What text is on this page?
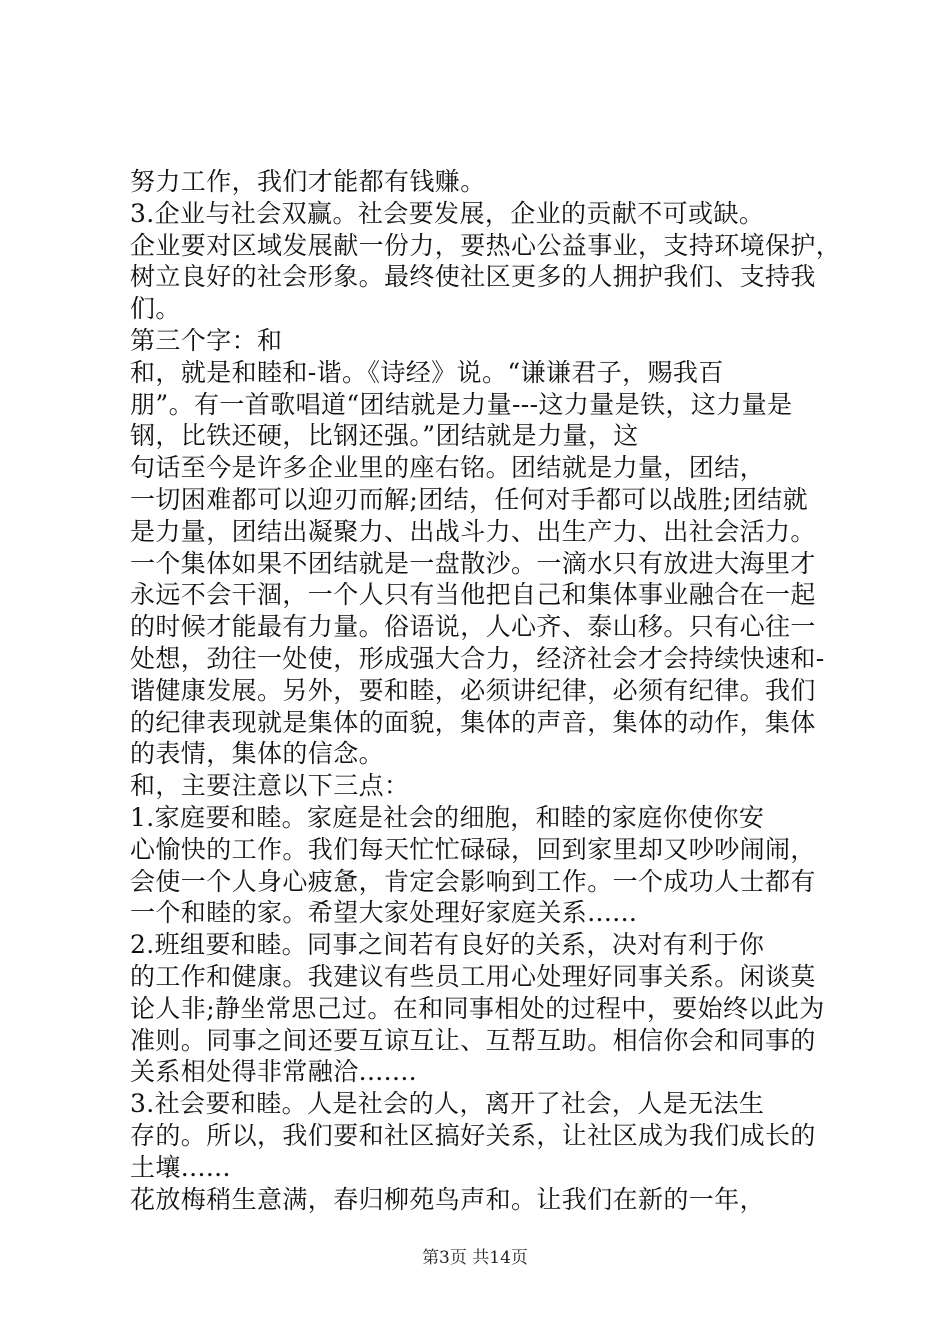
努力工作，我们才能都有钱赚。
3.企业与社会双赢。社会要发展，企业的贡献不可或缺。
企业要对区域发展献一份力，要热心公益事业，支持环境保护，
树立良好的社会形象。最终使社区更多的人拥护我们、支持我
们。
第三个字：和
和，就是和睦和-谐。《诗经》说。“谦谦君子，赐我百
朋”。有一首歌唱道“团结就是力量---这力量是铁，这力量是
钢，比铁还硬，比钢还强。”团结就是力量，这
句话至今是许多企业里的座右铭。团结就是力量，团结，
一切困难都可以迎刃而解;团结，任何对手都可以战胜;团结就
是力量，团结出凝聚力、出战斗力、出生产力、出社会活力。
一个集体如果不团结就是一盘散沙。一滴水只有放进大海里才
永远不会干涸，一个人只有当他把自己和集体事业融合在一起
的时候才能最有力量。俗语说，人心齐、泰山移。只有心往一
处想，劲往一处使，形成强大合力，经济社会才会持续快速和-
谐健康发展。另外，要和睦，必须讲纪律，必须有纪律。我们
的纪律表现就是集体的面貌，集体的声音，集体的动作，集体
的表情，集体的信念。
和，主要注意以下三点：
1.家庭要和睦。家庭是社会的细胞，和睦的家庭你使你安
心愉快的工作。我们每天忙忙碌碌，回到家里却又吵吵闹闹，
会使一个人身心疲惫，肯定会影响到工作。一个成功人士都有
一个和睦的家。希望大家处理好家庭关系......
2.班组要和睦。同事之间若有良好的关系，决对有利于你
的工作和健康。我建议有些员工用心处理好同事关系。闲谈莫
论人非;静坐常思己过。在和同事相处的过程中，要始终以此为
准则。同事之间还要互谅互让、互帮互助。相信你会和同事的
关系相处得非常融洽.......
3.社会要和睦。人是社会的人，离开了社会，人是无法生
存的。所以，我们要和社区搞好关系，让社区成为我们成长的
土壤......
花放梅稍生意满，春归柳苑鸟声和。让我们在新的一年，
第3页 共14页
